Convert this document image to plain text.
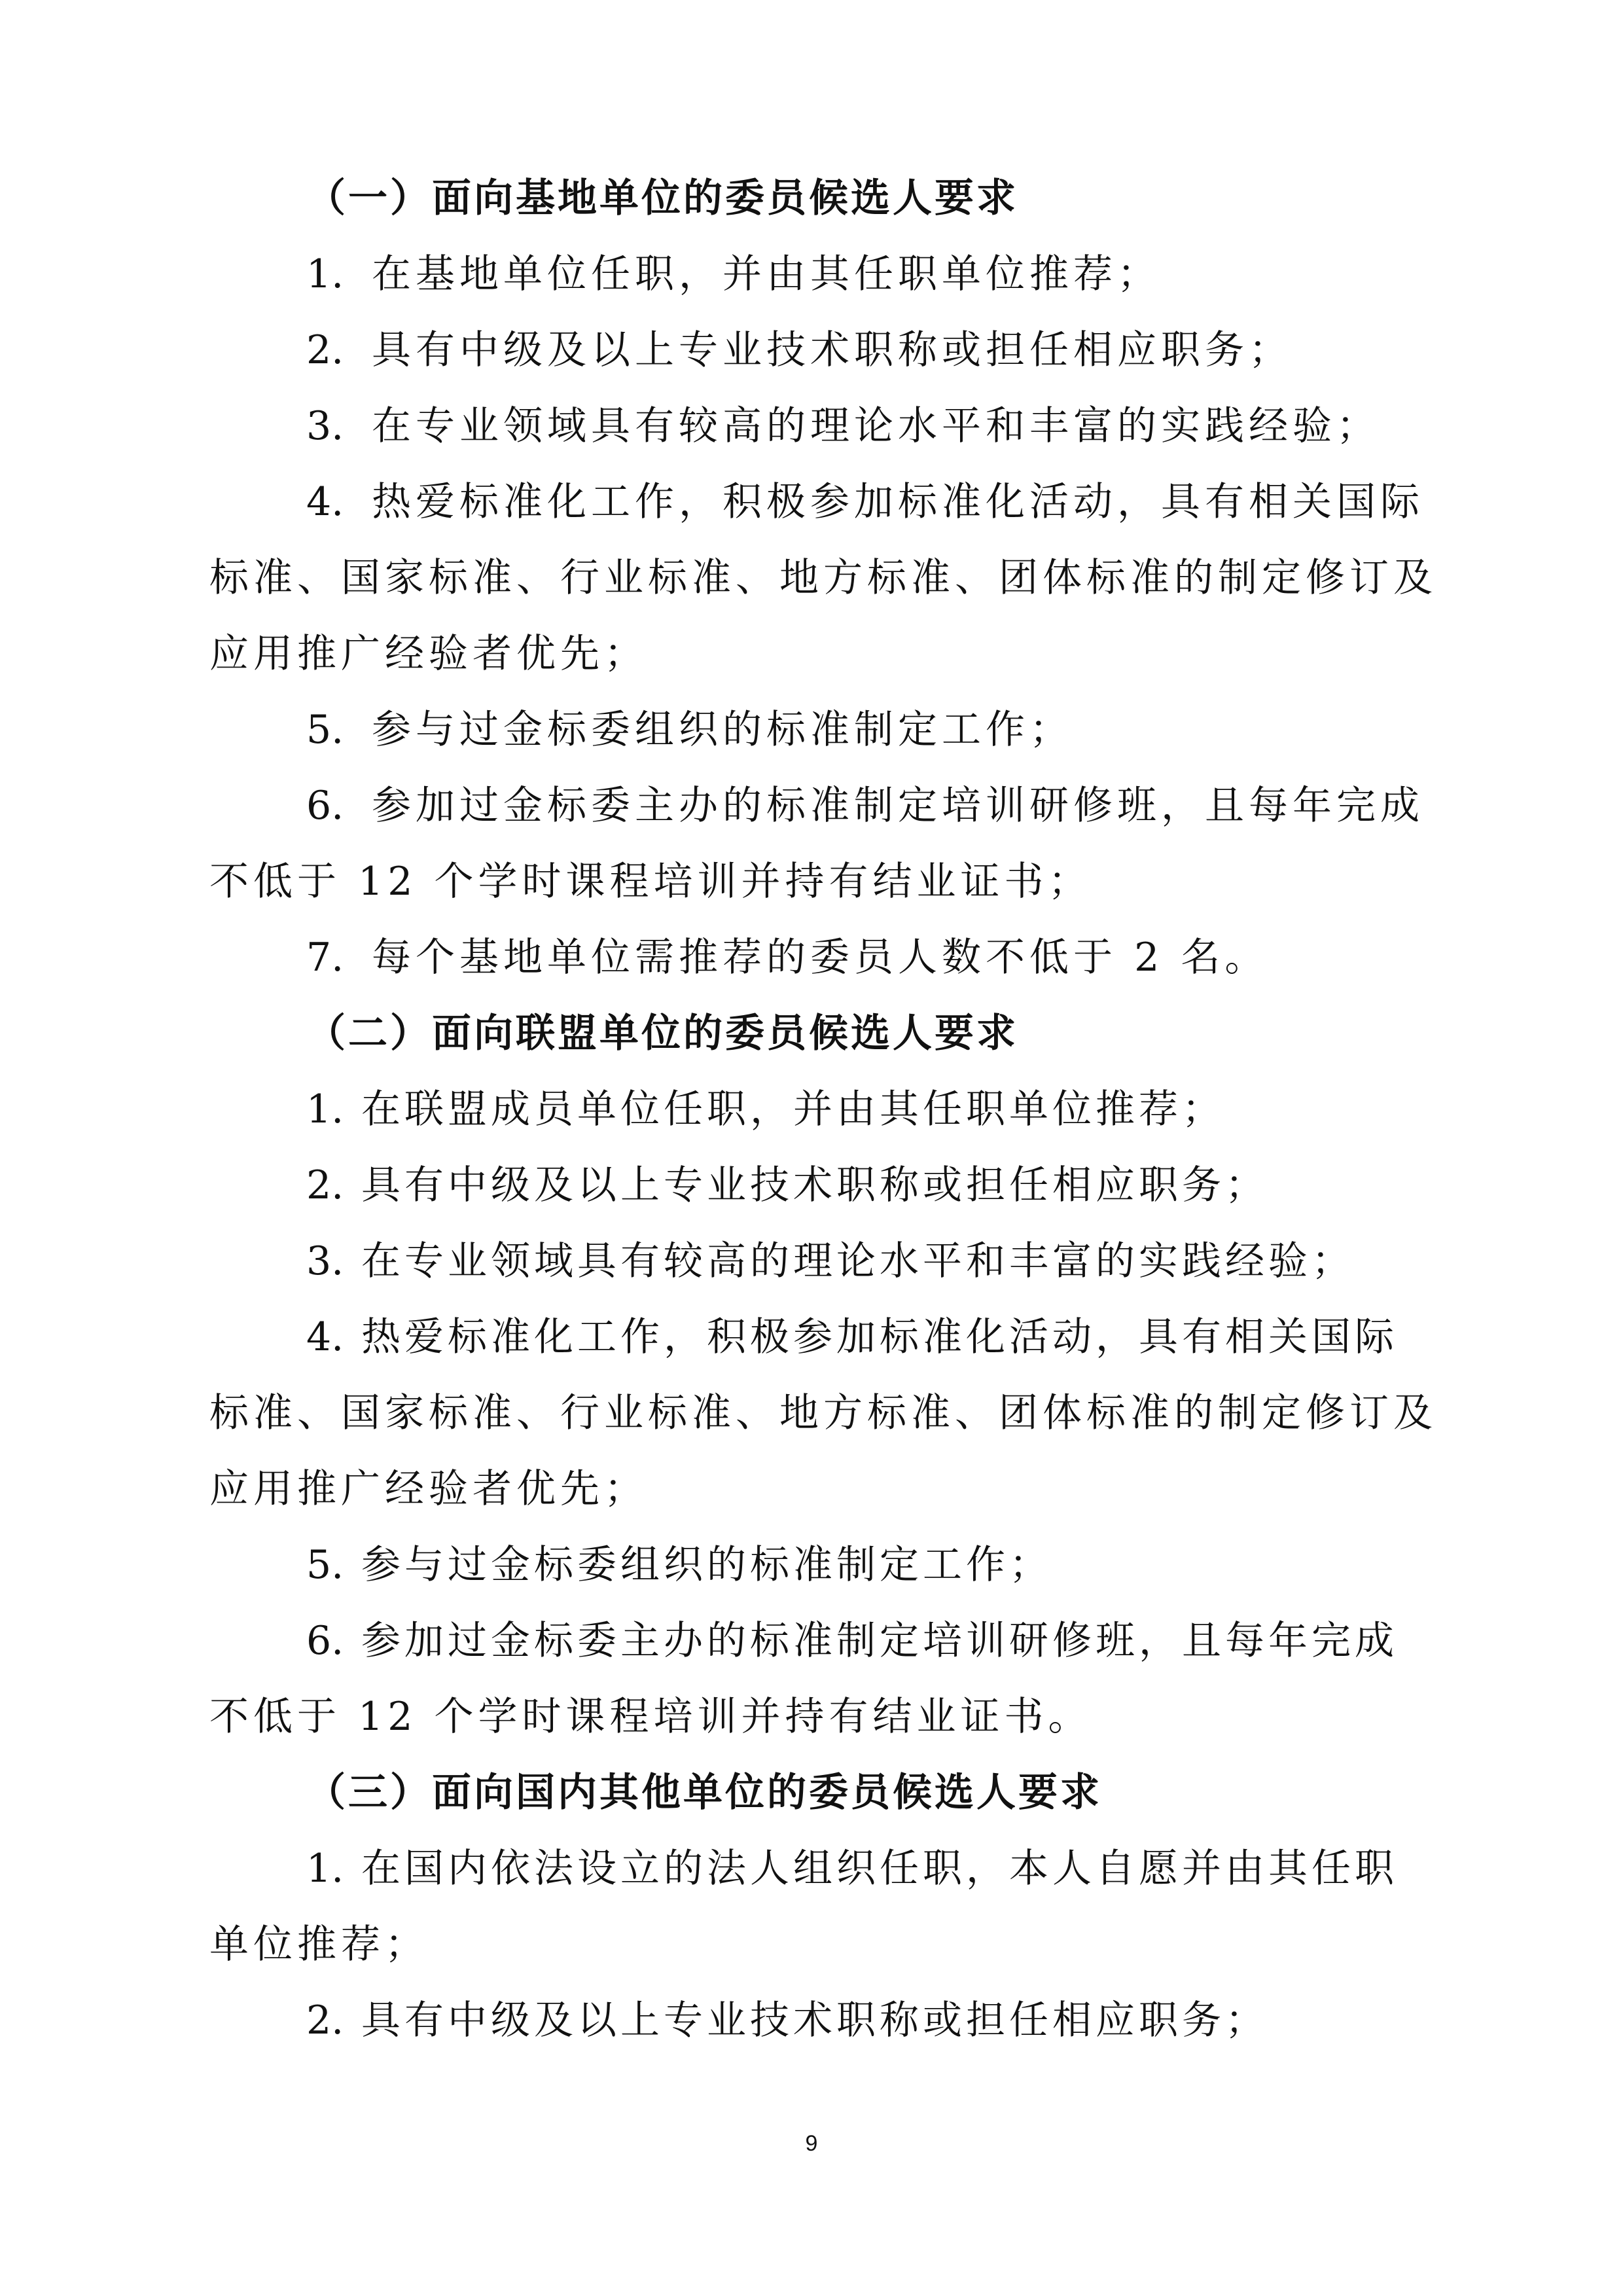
（一）面向基地单位的委员候选人要求
1. 在基地单位任职，并由其任职单位推荐；
2. 具有中级及以上专业技术职称或担任相应职务；
3. 在专业领域具有较高的理论水平和丰富的实践经验；
4. 热爱标准化工作，积极参加标准化活动，具有相关国际
标准、国家标准、行业标准、地方标准、团体标准的制定修订及
应用推广经验者优先；
5. 参与过金标委组织的标准制定工作；
6. 参加过金标委主办的标准制定培训研修班，且每年完成
不低于 12 个学时课程培训并持有结业证书；
7. 每个基地单位需推荐的委员人数不低于 2 名。
（二）面向联盟单位的委员候选人要求
1. 在联盟成员单位任职，并由其任职单位推荐；
2. 具有中级及以上专业技术职称或担任相应职务；
3. 在专业领域具有较高的理论水平和丰富的实践经验；
4. 热爱标准化工作，积极参加标准化活动，具有相关国际
标准、国家标准、行业标准、地方标准、团体标准的制定修订及
应用推广经验者优先；
5. 参与过金标委组织的标准制定工作；
6. 参加过金标委主办的标准制定培训研修班，且每年完成
不低于 12 个学时课程培训并持有结业证书。
（三）面向国内其他单位的委员候选人要求
1. 在国内依法设立的法人组织任职，本人自愿并由其任职
单位推荐；
2. 具有中级及以上专业技术职称或担任相应职务；
9
